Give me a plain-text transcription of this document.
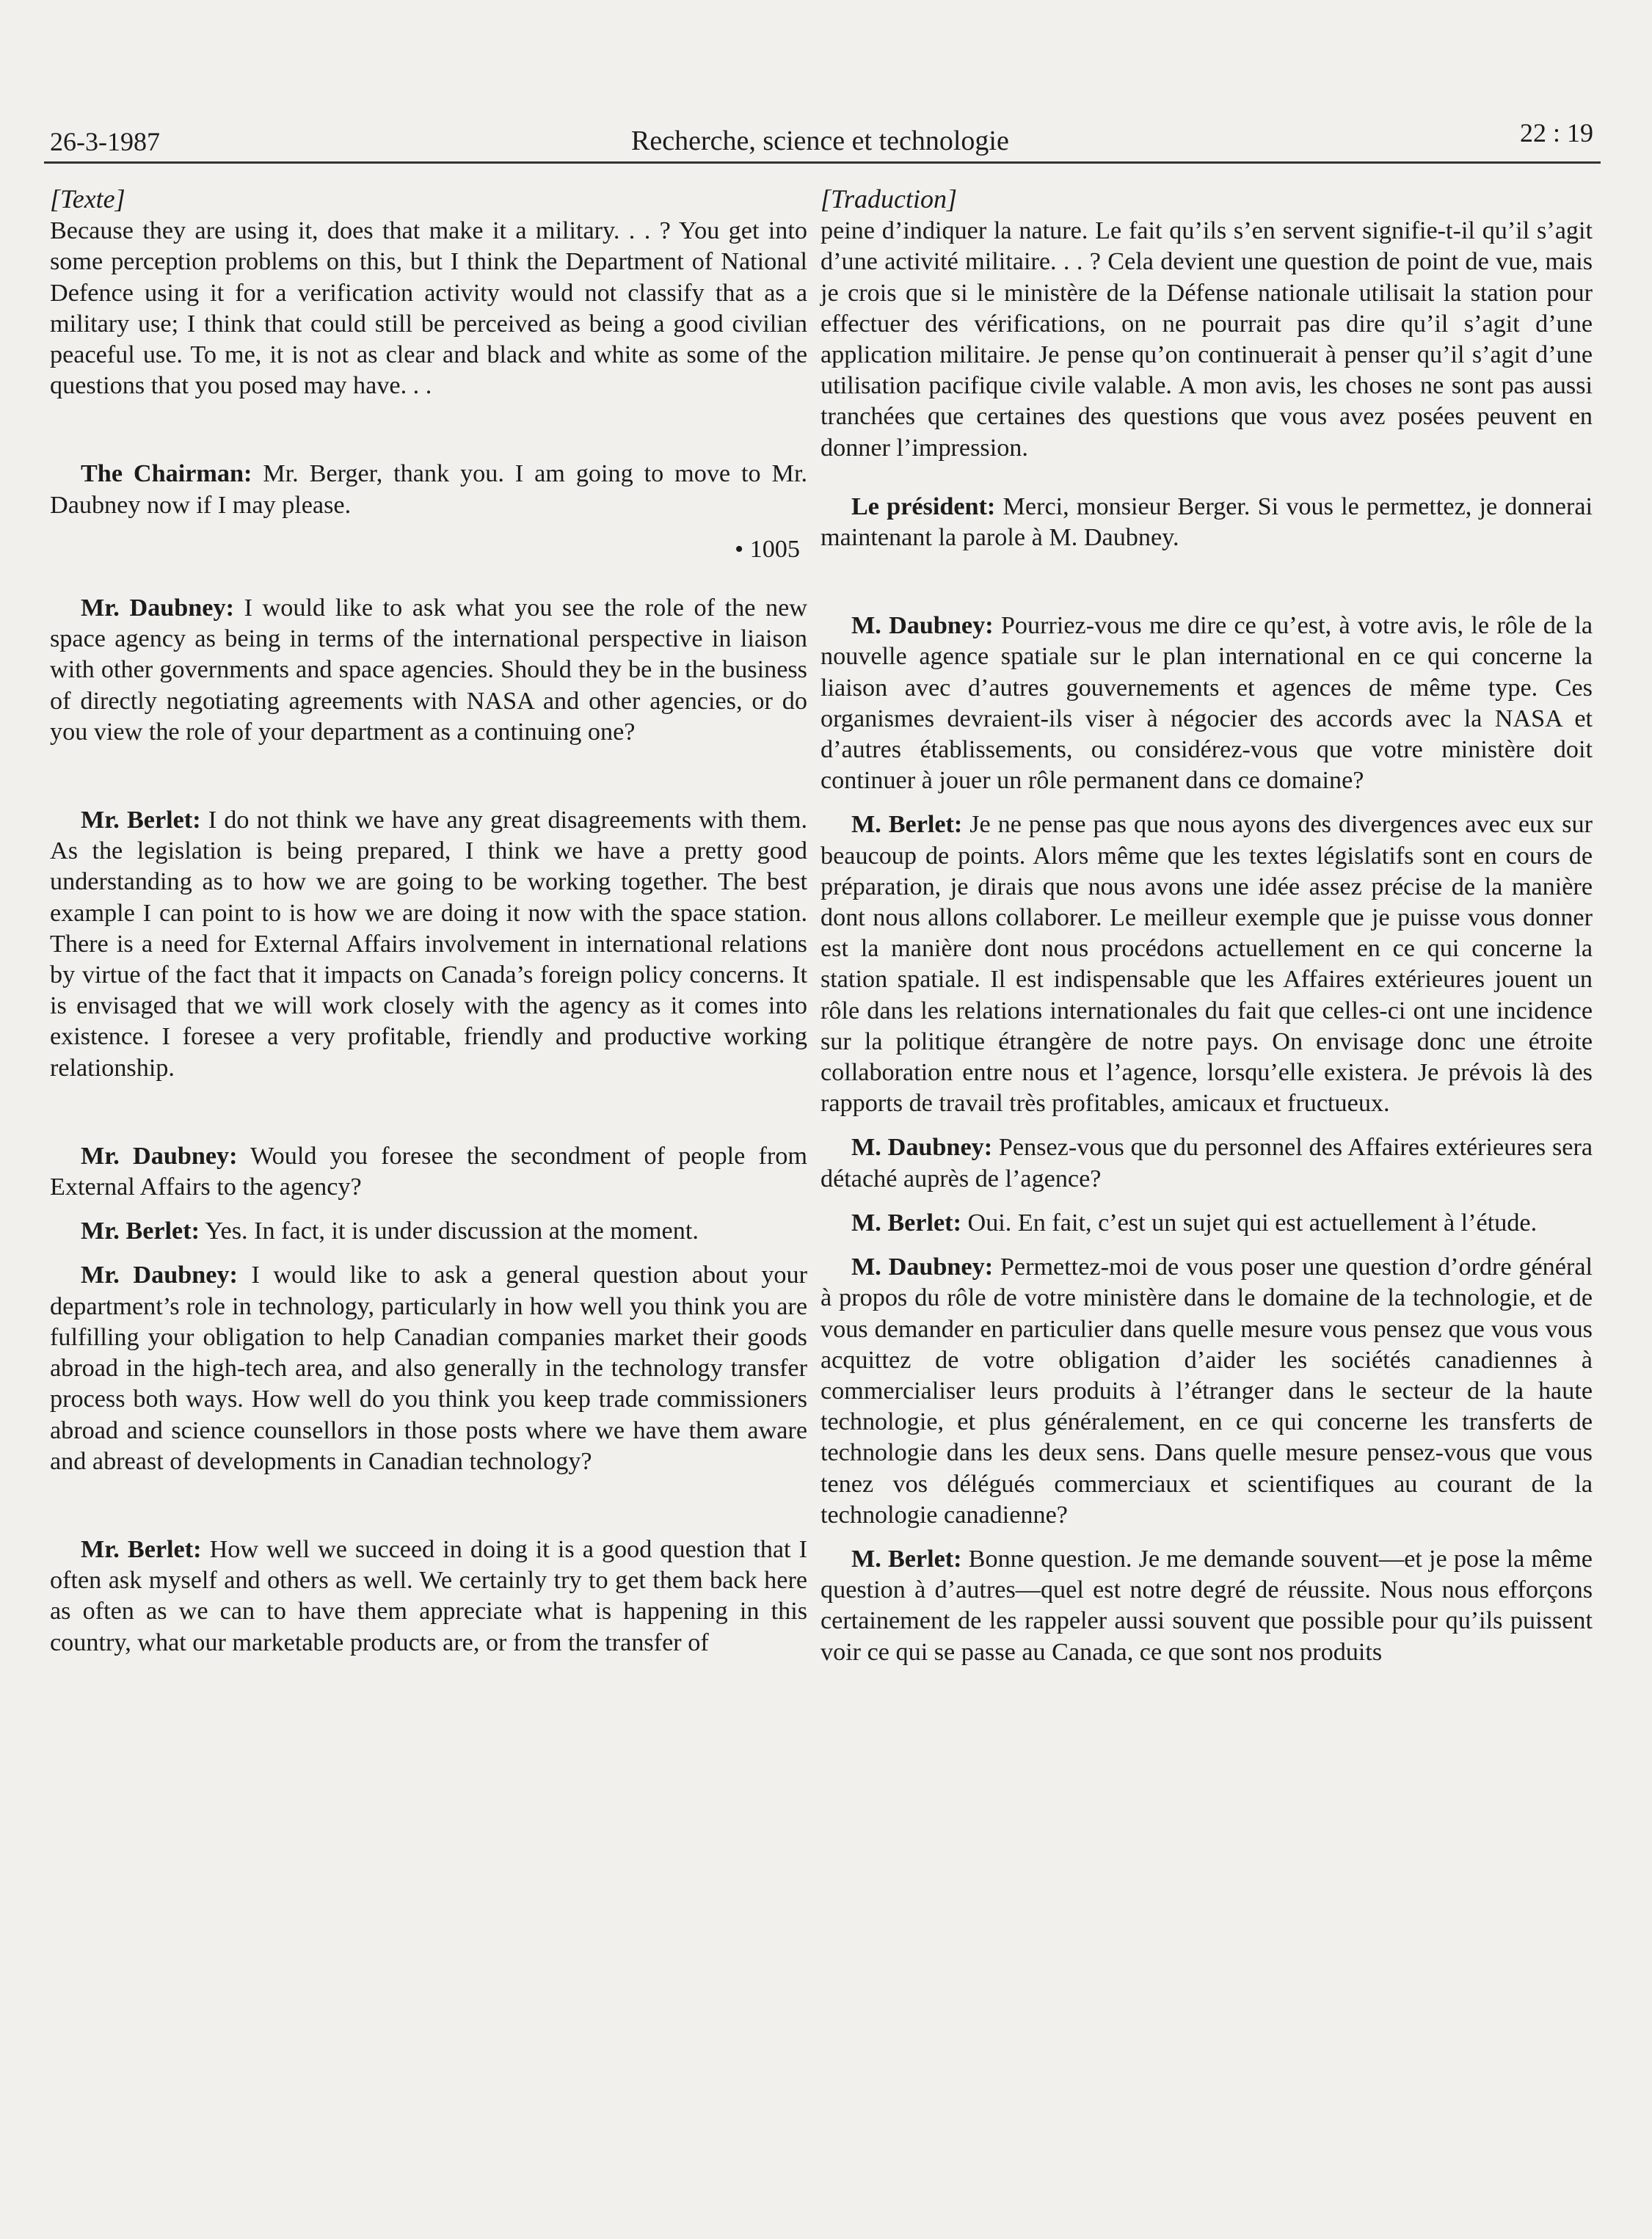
26-3-1987	Recherche, science et technologie	22 : 19
[Texte]

Because they are using it, does that make it a military. . . ? You get into some perception problems on this, but I think the Department of National Defence using it for a verification activity would not classify that as a military use; I think that could still be perceived as being a good civilian peaceful use. To me, it is not as clear and black and white as some of the questions that you posed may have. . .

The Chairman: Mr. Berger, thank you. I am going to move to Mr. Daubney now if I may please.

• 1005

Mr. Daubney: I would like to ask what you see the role of the new space agency as being in terms of the international perspective in liaison with other governments and space agencies. Should they be in the business of directly negotiating agreements with NASA and other agencies, or do you view the role of your department as a continuing one?

Mr. Berlet: I do not think we have any great disagreements with them. As the legislation is being prepared, I think we have a pretty good understanding as to how we are going to be working together. The best example I can point to is how we are doing it now with the space station. There is a need for External Affairs involvement in international relations by virtue of the fact that it impacts on Canada’s foreign policy concerns. It is envisaged that we will work closely with the agency as it comes into existence. I foresee a very profitable, friendly and productive working relationship.

Mr. Daubney: Would you foresee the secondment of people from External Affairs to the agency?

Mr. Berlet: Yes. In fact, it is under discussion at the moment.

Mr. Daubney: I would like to ask a general question about your department’s role in technology, particularly in how well you think you are fulfilling your obligation to help Canadian companies market their goods abroad in the high-tech area, and also generally in the technology transfer process both ways. How well do you think you keep trade commissioners abroad and science counsellors in those posts where we have them aware and abreast of developments in Canadian technology?

Mr. Berlet: How well we succeed in doing it is a good question that I often ask myself and others as well. We certainly try to get them back here as often as we can to have them appreciate what is happening in this country, what our marketable products are, or from the transfer of

[Traduction]

peine d’indiquer la nature. Le fait qu’ils s’en servent signifie-t-il qu’il s’agit d’une activité militaire. . . ? Cela devient une question de point de vue, mais je crois que si le ministère de la Défense nationale utilisait la station pour effectuer des vérifications, on ne pourrait pas dire qu’il s’agit d’une application militaire. Je pense qu’on continuerait à penser qu’il s’agit d’une utilisation pacifique civile valable. A mon avis, les choses ne sont pas aussi tranchées que certaines des questions que vous avez posées peuvent en donner l’impression.

Le président: Merci, monsieur Berger. Si vous le permettez, je donnerai maintenant la parole à M. Daubney.

M. Daubney: Pourriez-vous me dire ce qu’est, à votre avis, le rôle de la nouvelle agence spatiale sur le plan international en ce qui concerne la liaison avec d’autres gouvernements et agences de même type. Ces organismes devraient-ils viser à négocier des accords avec la NASA et d’autres établissements, ou considérez-vous que votre ministère doit continuer à jouer un rôle permanent dans ce domaine?

M. Berlet: Je ne pense pas que nous ayons des divergences avec eux sur beaucoup de points. Alors même que les textes législatifs sont en cours de préparation, je dirais que nous avons une idée assez précise de la manière dont nous allons collaborer. Le meilleur exemple que je puisse vous donner est la manière dont nous procédons actuellement en ce qui concerne la station spatiale. Il est indispensable que les Affaires extérieures jouent un rôle dans les relations internationales du fait que celles-ci ont une incidence sur la politique étrangère de notre pays. On envisage donc une étroite collaboration entre nous et l’agence, lorsqu’elle existera. Je prévois là des rapports de travail très profitables, amicaux et fructueux.

M. Daubney: Pensez-vous que du personnel des Affaires extérieures sera détaché auprès de l’agence?

M. Berlet: Oui. En fait, c’est un sujet qui est actuellement à l’étude.

M. Daubney: Permettez-moi de vous poser une question d’ordre général à propos du rôle de votre ministère dans le domaine de la technologie, et de vous demander en particulier dans quelle mesure vous pensez que vous vous acquittez de votre obligation d’aider les sociétés canadiennes à commercialiser leurs produits à l’étranger dans le secteur de la haute technologie, et plus généralement, en ce qui concerne les transferts de technologie dans les deux sens. Dans quelle mesure pensez-vous que vous tenez vos délégués commerciaux et scientifiques au courant de la technologie canadienne?

M. Berlet: Bonne question. Je me demande souvent—et je pose la même question à d’autres—quel est notre degré de réussite. Nous nous efforçons certainement de les rappeler aussi souvent que possible pour qu’ils puissent voir ce qui se passe au Canada, ce que sont nos produits
